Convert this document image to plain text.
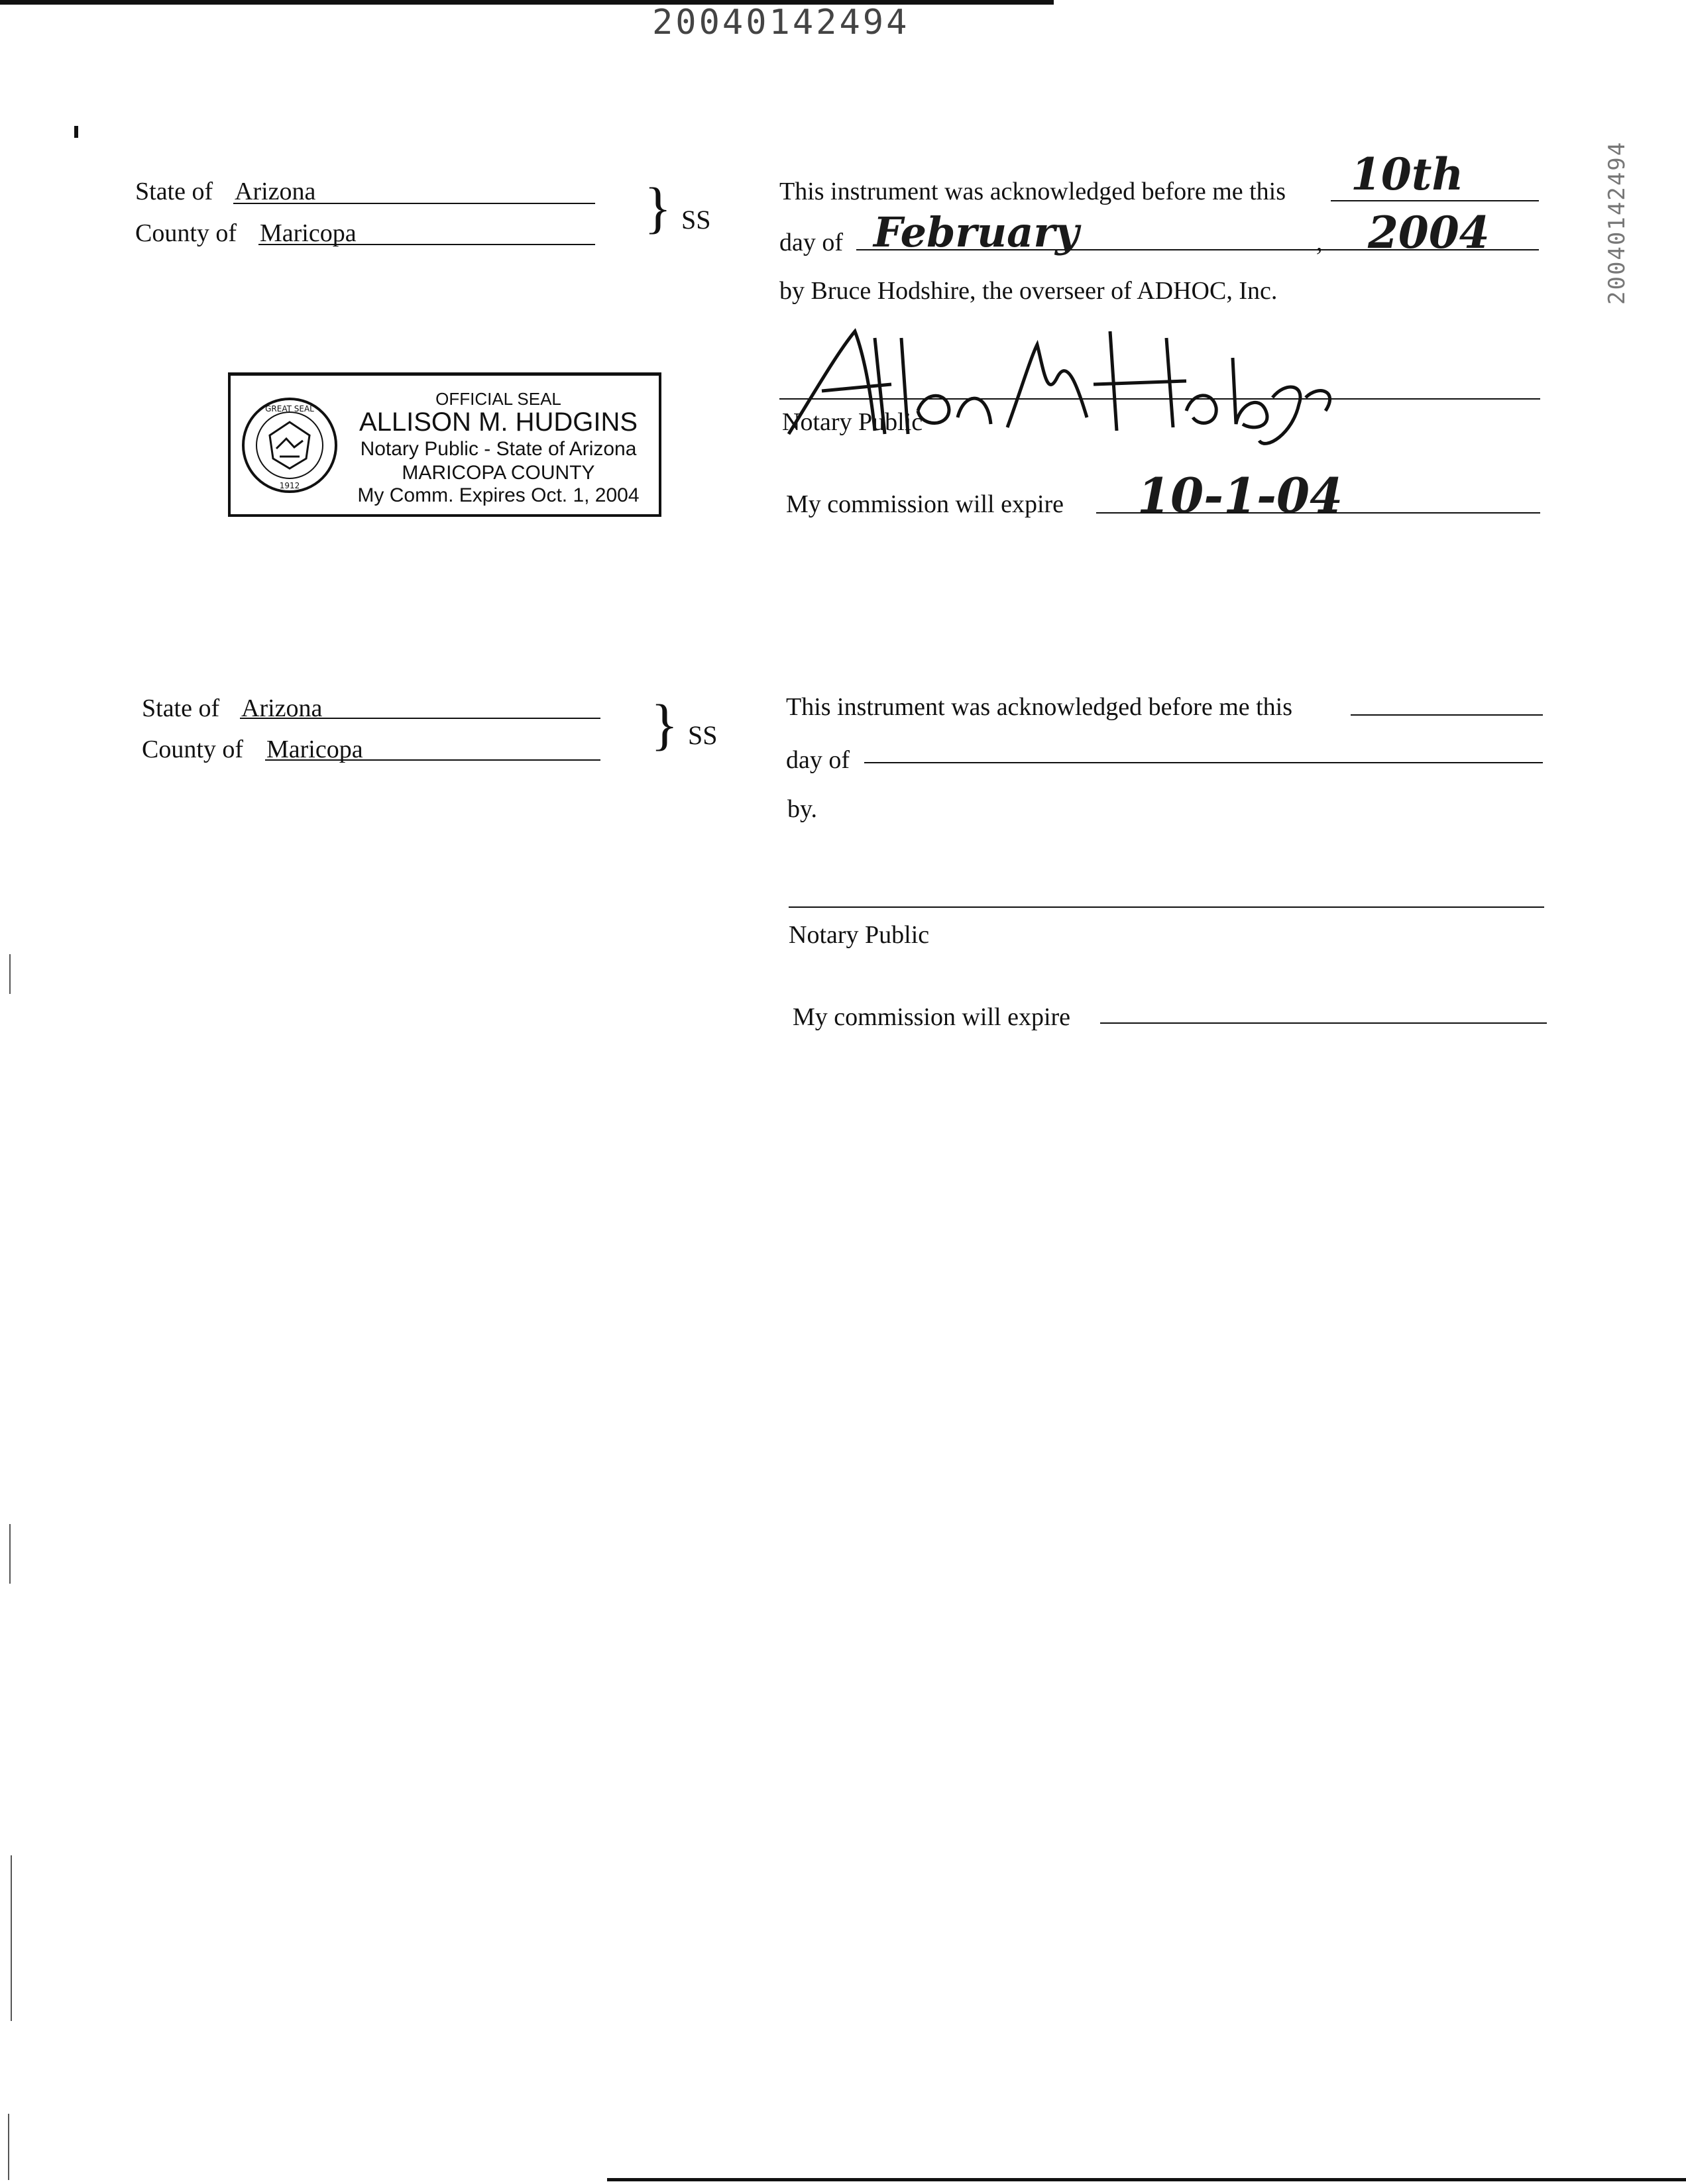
20040142494
20040142494
State of Arizona
County of Maricopa	} SS
This instrument was acknowledged before me this 10th
day of February	, 2004
by Bruce Hodshire, the overseer of ADHOC, Inc.
Notary Public
My commission will expire 10-1-04
GREAT SEAL
1912
OFFICIAL SEAL
ALLISON M. HUDGINS
Notary Public - State of Arizona
MARICOPA COUNTY
My Comm. Expires Oct. 1, 2004
State of Arizona
County of Maricopa	} SS
This instrument was acknowledged before me this
day of
by.
Notary Public
My commission will expire
